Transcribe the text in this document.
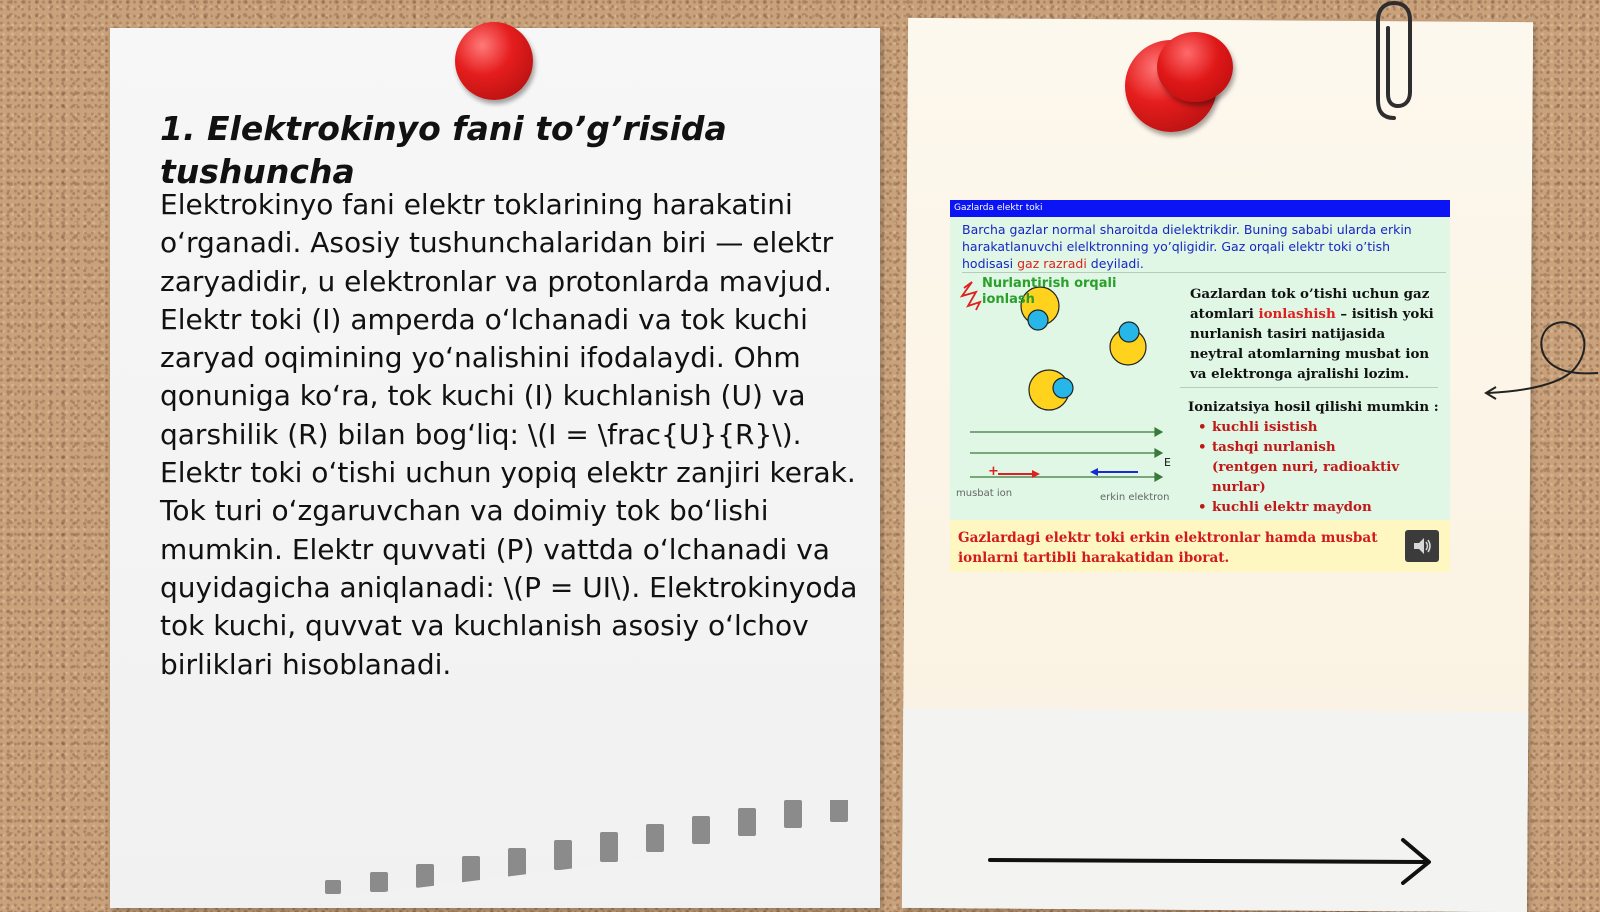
1. Elektrokinyo fani to’g’risida tushuncha

Elektrokinyo fani elektr toklarining harakatini oʻrganadi. Asosiy tushunchalaridan biri — elektr zaryadidir, u elektronlar va protonlarda mavjud. Elektr toki (I) amperda oʻlchanadi va tok kuchi zaryad oqimining yoʻnalishini ifodalaydi. Ohm qonuniga koʻra, tok kuchi (I) kuchlanish (U) va qarshilik (R) bilan bogʻliq: \(I = \frac{U}{R}\). Elektr toki oʻtishi uchun yopiq elektr zanjiri kerak. Tok turi oʻzgaruvchan va doimiy tok boʻlishi mumkin. Elektr quvvati (P) vattda oʻlchanadi va quyidagicha aniqlanadi: \(P = UI\). Elektrokinyoda tok kuchi, quvvat va kuchlanish asosiy oʻlchov birliklari hisoblanadi.

Gazlarda elektr toki

Barcha gazlar normal sharoitda dielektrikdir. Buning sababi ularda erkin harakatlanuvchi elelktronning yo’qligidir. Gaz orqali elektr toki o’tish hodisasi gaz razradi deyiladi.

Nurlantirish orqali ionlash

+
E
musbat ion	erkin elektron

Gazlardan tok o’tishi uchun gaz atomlari ionlashish – isitish yoki nurlanish tasiri natijasida neytral atomlarning musbat ion va elektronga ajralishi lozim.

Ionizatsiya hosil qilishi mumkin :

• kuchli isistish
• tashqi nurlanish
(rentgen nuri, radioaktiv nurlar)
• kuchli elektr maydon

Gazlardagi elektr toki erkin elektronlar hamda musbat ionlarni tartibli harakatidan iborat.
